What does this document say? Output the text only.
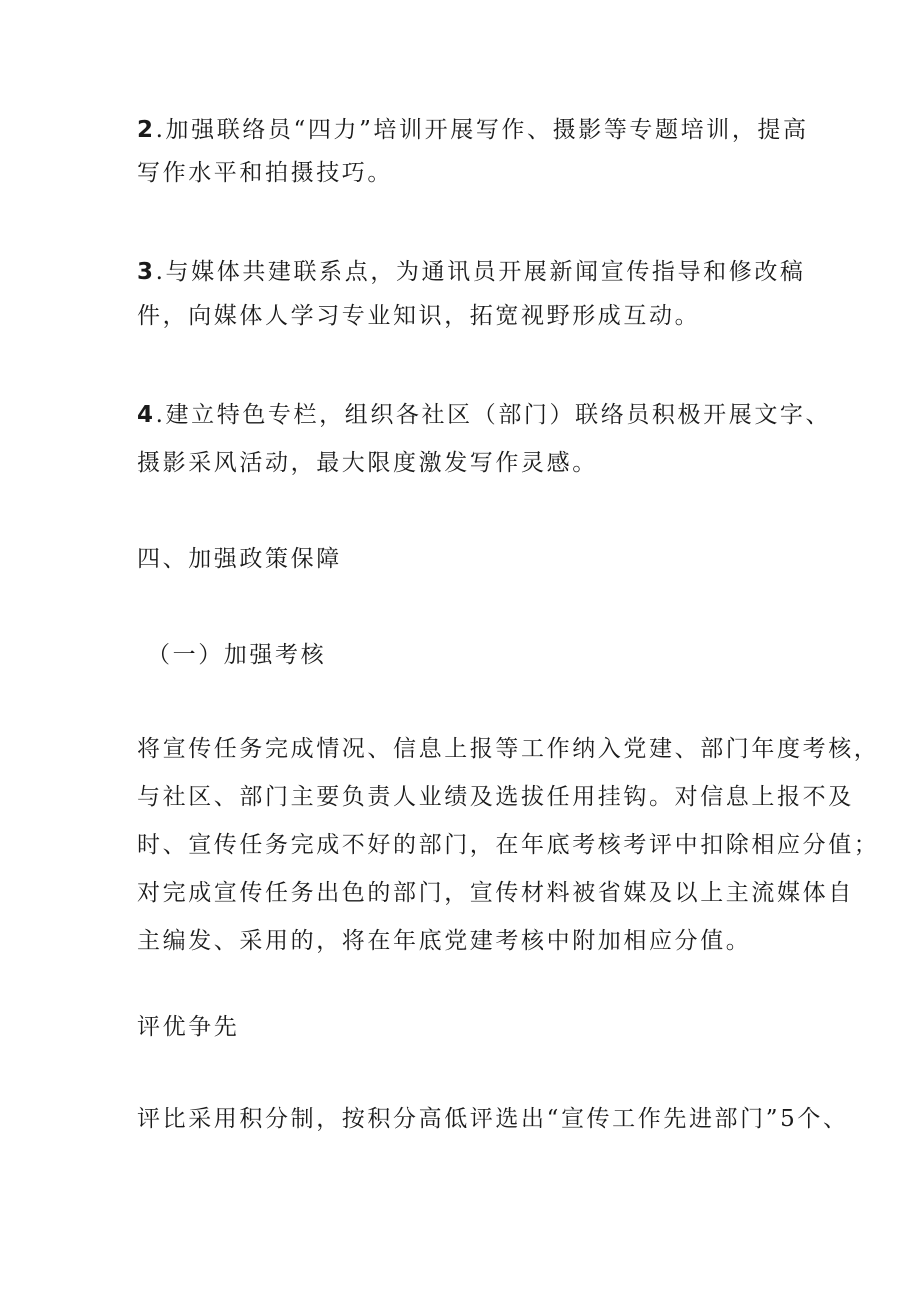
2.加强联络员“四力”培训开展写作、摄影等专题培训，提高
写作水平和拍摄技巧。
3.与媒体共建联系点，为通讯员开展新闻宣传指导和修改稿
件，向媒体人学习专业知识，拓宽视野形成互动。
4.建立特色专栏，组织各社区（部门）联络员积极开展文字、
摄影采风活动，最大限度激发写作灵感。
四、加强政策保障
（一）加强考核
将宣传任务完成情况、信息上报等工作纳入党建、部门年度考核，
与社区、部门主要负责人业绩及选拔任用挂钩。对信息上报不及
时、宣传任务完成不好的部门，在年底考核考评中扣除相应分值；
对完成宣传任务出色的部门，宣传材料被省媒及以上主流媒体自
主编发、采用的，将在年底党建考核中附加相应分值。
评优争先
评比采用积分制，按积分高低评选出“宣传工作先进部门”5个、
